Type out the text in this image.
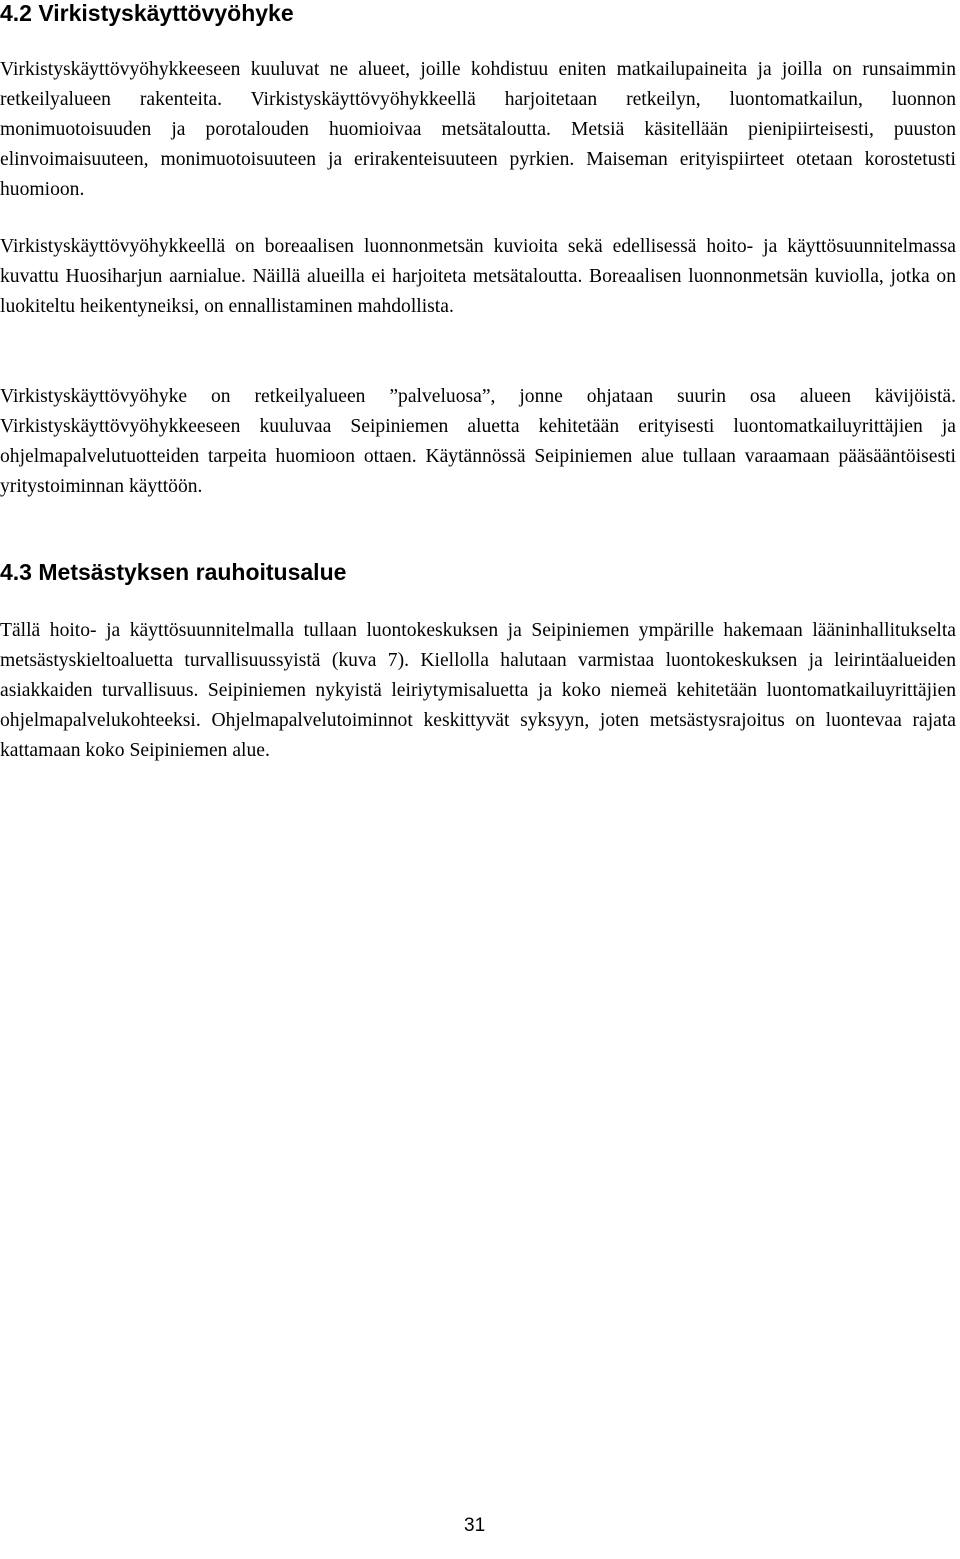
4.2 Virkistyskäyttövyöhyke

Virkistyskäyttövyöhykkeeseen kuuluvat ne alueet, joille kohdistuu eniten matkailupaineita ja joilla on runsaimmin retkeilyalueen rakenteita. Virkistyskäyttövyöhykkeellä harjoitetaan retkeilyn, luontomatkailun, luonnon monimuotoisuuden ja porotalouden huomioivaa metsätaloutta. Metsiä käsitellään pienipiirteisesti, puuston elinvoimaisuuteen, monimuotoisuuteen ja erirakenteisuuteen pyrkien. Maiseman erityispiirteet otetaan korostetusti huomioon.

Virkistyskäyttövyöhykkeellä on boreaalisen luonnonmetsän kuvioita sekä edellisessä hoito- ja käyttösuunnitelmassa kuvattu Huosiharjun aarnialue. Näillä alueilla ei harjoiteta metsätaloutta. Boreaalisen luonnonmetsän kuviolla, jotka on luokiteltu heikentyneiksi, on ennallistaminen mahdollista.

Virkistyskäyttövyöhyke on retkeilyalueen ”palveluosa”, jonne ohjataan suurin osa alueen kävijöistä. Virkistyskäyttövyöhykkeeseen kuuluvaa Seipiniemen aluetta kehitetään erityisesti luontomatkailuyrittäjien ja ohjelmapalvelutuotteiden tarpeita huomioon ottaen. Käytännössä Seipiniemen alue tullaan varaamaan pääsääntöisesti yritystoiminnan käyttöön.

4.3 Metsästyksen rauhoitusalue

Tällä hoito- ja käyttösuunnitelmalla tullaan luontokeskuksen ja Seipiniemen ympärille hakemaan lääninhallitukselta metsästyskieltoaluetta turvallisuussyistä (kuva 7). Kiellolla halutaan varmistaa luontokeskuksen ja leirintäalueiden asiakkaiden turvallisuus. Seipiniemen nykyistä leiriytymisaluetta ja koko niemeä kehitetään luontomatkailuyrittäjien ohjelmapalvelukohteeksi. Ohjelmapalvelutoiminnot keskittyvät syksyyn, joten metsästysrajoitus on luontevaa rajata kattamaan koko Seipiniemen alue.

31
